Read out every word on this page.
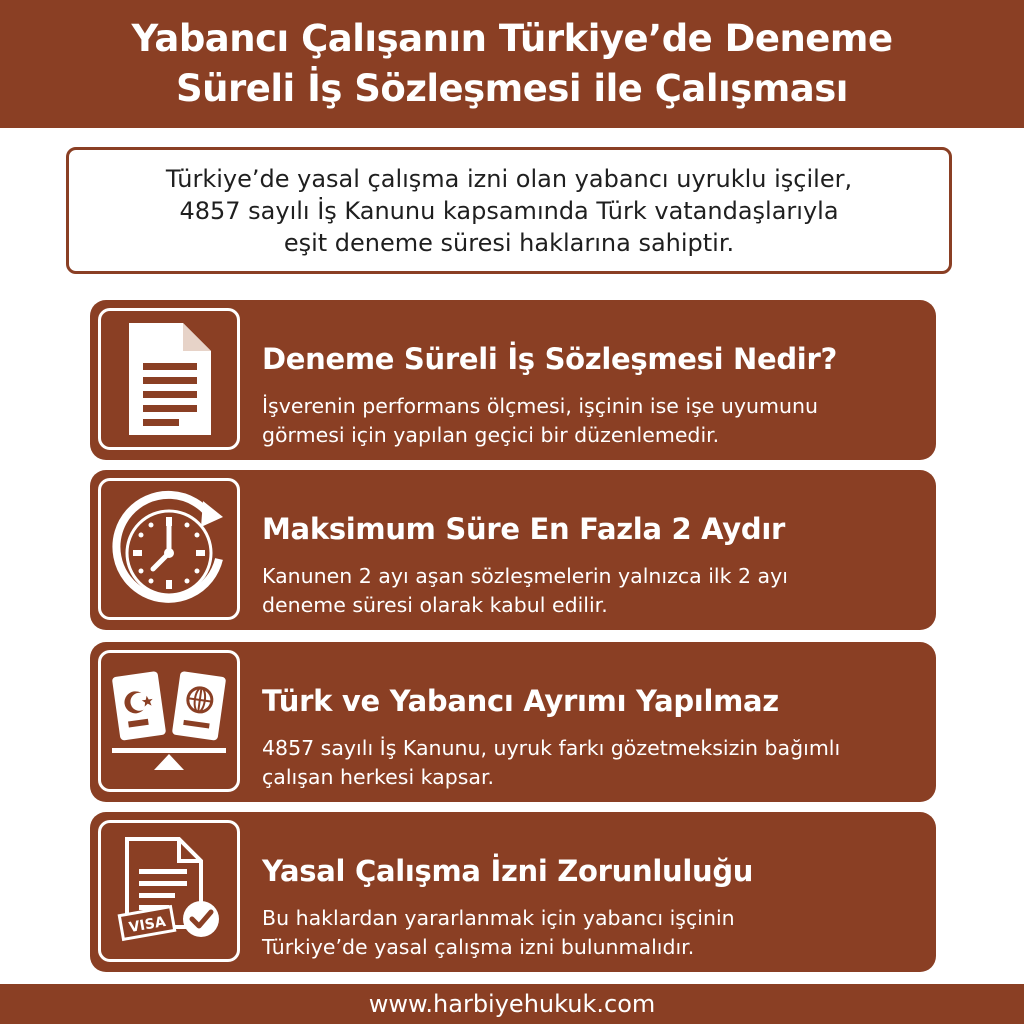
Yabancı Çalışanın Türkiye’de Deneme
Süreli İş Sözleşmesi ile Çalışması
Türkiye’de yasal çalışma izni olan yabancı uyruklu işçiler,
4857 sayılı İş Kanunu kapsamında Türk vatandaşlarıyla
eşit deneme süresi haklarına sahiptir.
Deneme Süreli İş Sözleşmesi Nedir?
İşverenin performans ölçmesi, işçinin ise işe uyumunu
görmesi için yapılan geçici bir düzenlemedir.
Maksimum Süre En Fazla 2 Aydır
Kanunen 2 ayı aşan sözleşmelerin yalnızca ilk 2 ayı
deneme süresi olarak kabul edilir.
Türk ve Yabancı Ayrımı Yapılmaz
4857 sayılı İş Kanunu, uyruk farkı gözetmeksizin bağımlı
çalışan herkesi kapsar.
VISA
Yasal Çalışma İzni Zorunluluğu
Bu haklardan yararlanmak için yabancı işçinin
Türkiye’de yasal çalışma izni bulunmalıdır.
www.harbiyehukuk.com
